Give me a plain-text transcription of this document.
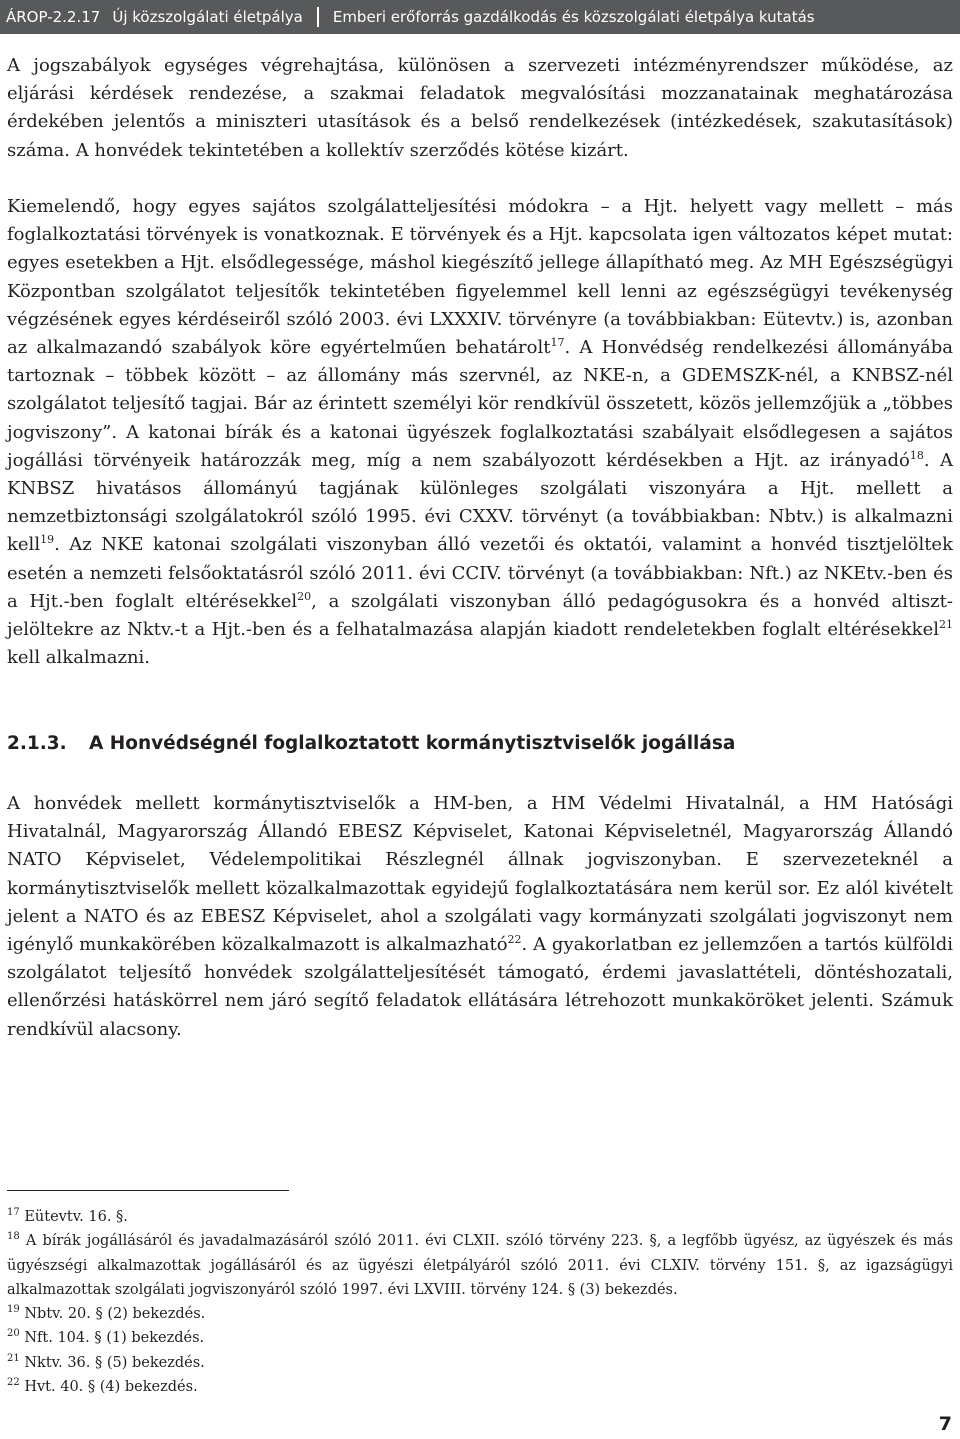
ÁROP-2.2.17 Új közszolgálati életpálya	Emberi erőforrás gazdálkodás és közszolgálati életpálya kutatás

A jogszabályok egységes végrehajtása, különösen a szervezeti intézményrendszer működése, az eljárási kérdések rendezése, a szakmai feladatok megvalósítási mozzanatainak meghatározása érdekében jelentős a miniszteri utasítások és a belső rendelkezések (intézkedések, szakutasítások) száma. A honvédek tekintetében a kollektív szerződés kötése kizárt.

Kiemelendő, hogy egyes sajátos szolgálatteljesítési módokra – a Hjt. helyett vagy mellett – más foglalkoztatási törvények is vonatkoznak. E törvények és a Hjt. kapcsolata igen változatos képet mutat: egyes esetekben a Hjt. elsődlegessége, máshol kiegészítő jellege állapítható meg. Az MH Egészségügyi Központban szolgálatot teljesítők tekintetében figyelemmel kell lenni az egészségügyi tevékenység végzésének egyes kérdéseiről szóló 2003. évi LXXXIV. törvényre (a továbbiakban: Eütevtv.) is, azonban az alkalmazandó szabályok köre egyértelműen behatárolt$^{17}$. A Honvédség rendelkezési állományába tartoznak – többek között – az állomány más szervnél, az NKE-n, a GDEMSZK-nél, a KNBSZ-nél szolgálatot teljesítő tagjai. Bár az érintett személyi kör rendkívül összetett, közös jellemzőjük a „többes jogviszony”. A katonai bírák és a katonai ügyészek foglalkoztatási szabályait elsődlegesen a sajátos jogállási törvényeik határozzák meg, míg a nem szabályozott kérdésekben a Hjt. az irányadó$^{18}$. A KNBSZ hivatásos állományú tagjának különleges szolgálati viszonyára a Hjt. mellett a nemzetbiztonsági szolgálatokról szóló 1995. évi CXXV. törvényt (a továbbiakban: Nbtv.) is alkalmazni kell$^{19}$. Az NKE katonai szolgálati viszonyban álló vezetői és oktatói, valamint a honvéd tisztjelöltek esetén a nemzeti felsőoktatásról szóló 2011. évi CCIV. törvényt (a továbbiakban: Nft.) az NKEtv.-ben és a Hjt.-ben foglalt eltérésekkel$^{20}$, a szolgálati viszonyban álló pedagógusokra és a honvéd altiszt-jelöltekre az Nktv.-t a Hjt.-ben és a felhatalmazása alapján kiadott rendeletekben foglalt eltérésekkel$^{21}$ kell alkalmazni.

2.1.3.	A Honvédségnél foglalkoztatott kormánytisztviselők jogállása

A honvédek mellett kormánytisztviselők a HM-ben, a HM Védelmi Hivatalnál, a HM Hatósági Hivatalnál, Magyarország Állandó EBESZ Képviselet, Katonai Képviseletnél, Magyarország Állandó NATO Képviselet, Védelempolitikai Részlegnél állnak jogviszonyban. E szervezeteknél a kormánytisztviselők mellett közalkalmazottak egyidejű foglalkoztatására nem kerül sor. Ez alól kivételt jelent a NATO és az EBESZ Képviselet, ahol a szolgálati vagy kormányzati szolgálati jogviszonyt nem igénylő munkakörében közalkalmazott is alkalmazható$^{22}$. A gyakorlatban ez jellemzően a tartós külföldi szolgálatot teljesítő honvédek szolgálatteljesítését támogató, érdemi javaslattételi, döntéshozatali, ellenőrzési hatáskörrel nem járó segítő feladatok ellátására létrehozott munkaköröket jelenti. Számuk rendkívül alacsony.

$^{17}$ Eütevtv. 16. §.

$^{18}$ A bírák jogállásáról és javadalmazásáról szóló 2011. évi CLXII. szóló törvény 223. §, a legfőbb ügyész, az ügyészek és más ügyészségi alkalmazottak jogállásáról és az ügyészi életpályáról szóló 2011. évi CLXIV. törvény 151. §, az igazságügyi alkalmazottak szolgálati jogviszonyáról szóló 1997. évi LXVIII. törvény 124. § (3) bekezdés.

$^{19}$ Nbtv. 20. § (2) bekezdés.

$^{20}$ Nft. 104. § (1) bekezdés.

$^{21}$ Nktv. 36. § (5) bekezdés.

$^{22}$ Hvt. 40. § (4) bekezdés.

7
